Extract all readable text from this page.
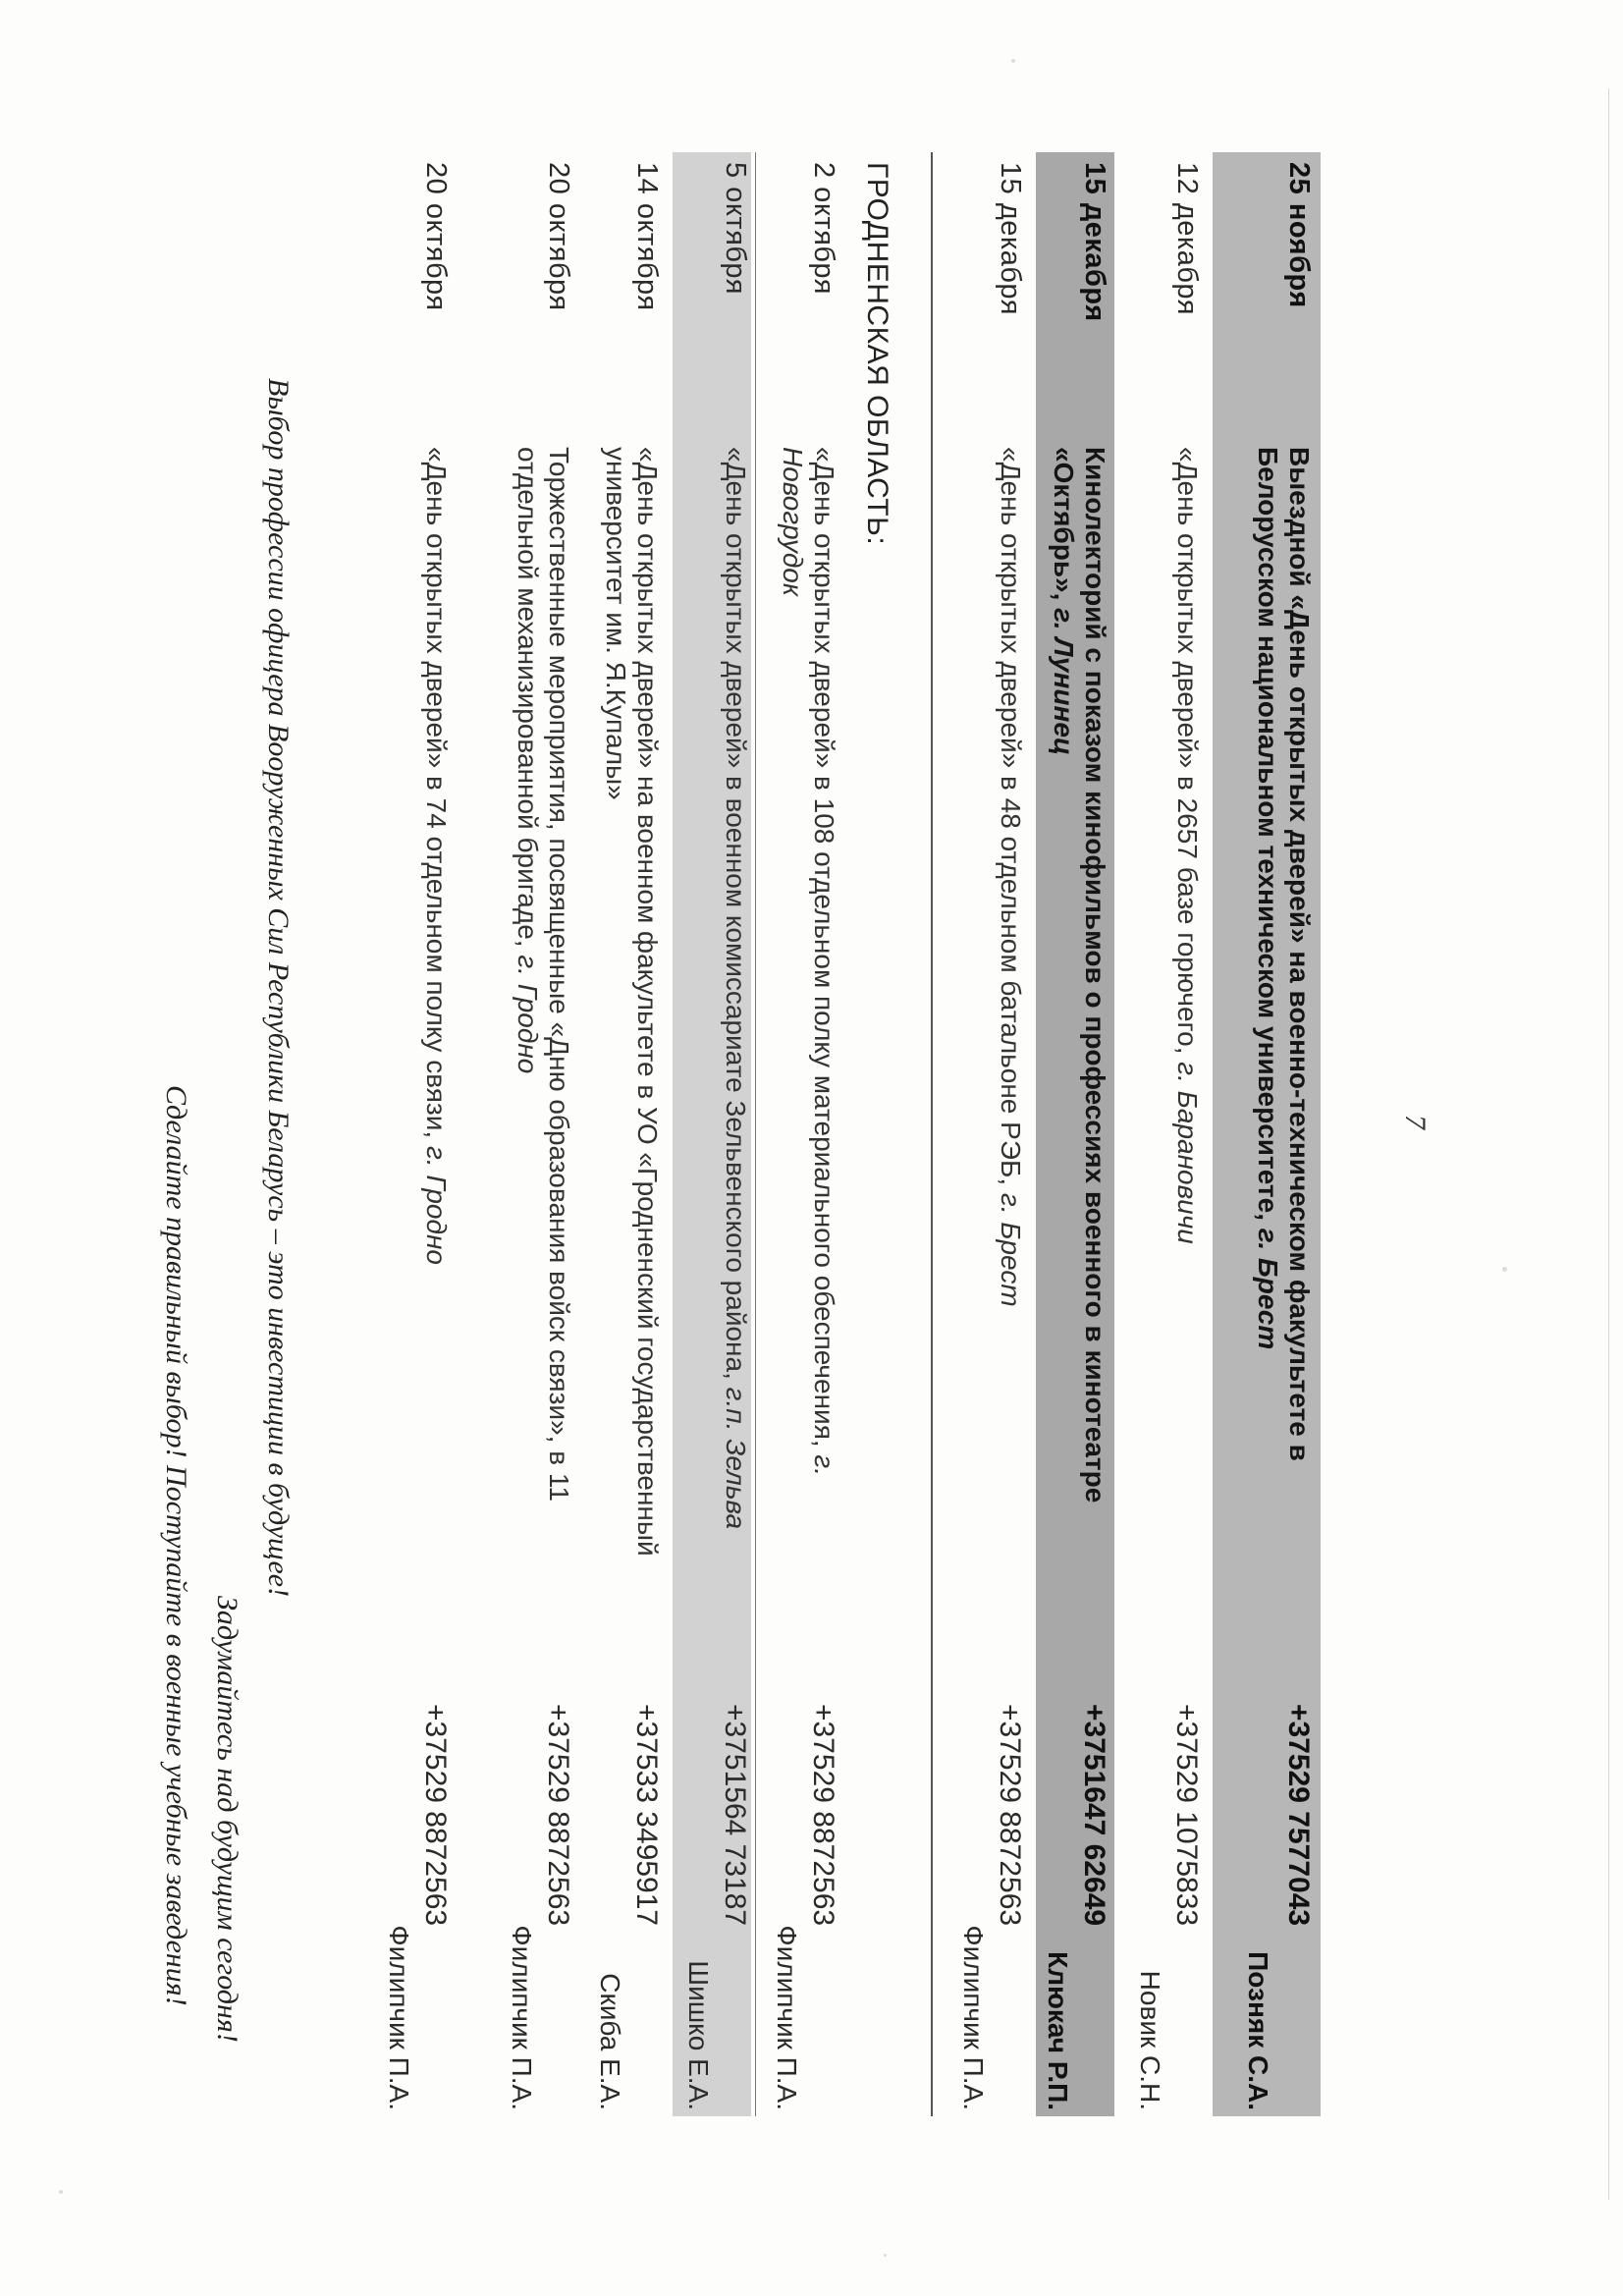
7
25 ноября
Выездной «День открытых дверей» на военно-техническом факультете в Белорусском национальном техническом университете, г. Брест
+37529 7577043
Позняк С.А.
12 декабря
«День открытых дверей» в 2657 базе горючего, г. Барановичи
+37529 1075833
Новик С.Н.
15 декабря
Кинолекторий с показом кинофильмов о профессиях военного в кинотеатре «Октябрь», г. Лунинец
+3751647 62649
Клюкач Р.П.
15 декабря
«День открытых дверей» в 48 отдельном батальоне РЭБ, г. Брест
+37529 8872563
Филипчик П.А.
ГРОДНЕНСКАЯ ОБЛАСТЬ:
2 октября
«День открытых дверей» в 108 отдельном полку материального обеспечения, г. Новогрудок
+37529 8872563
Филипчик П.А.
5 октября
«День открытых дверей» в военном комиссариате Зельвенского района, г.п. Зельва
+3751564 73187
Шишко Е.А.
14 октября
«День открытых дверей» на военном факультете в УО «Гродненский государственный университет им. Я.Купалы»
+37533 3495917
Скиба Е.А.
20 октября
Торжественные мероприятия, посвященные «Дню образования войск связи», в 11 отдельной механизированной бригаде, г. Гродно
+37529 8872563
Филипчик П.А.
20 октября
«День открытых дверей» в 74 отдельном полку связи, г. Гродно
+37529 8872563
Филипчик П.А.
Выбор профессии офицера Вооруженных Сил Республики Беларусь – это инвестиции в будущее!
Задумайтесь над будущим сегодня!
Сделайте правильный выбор! Поступайте в военные учебные заведения!
